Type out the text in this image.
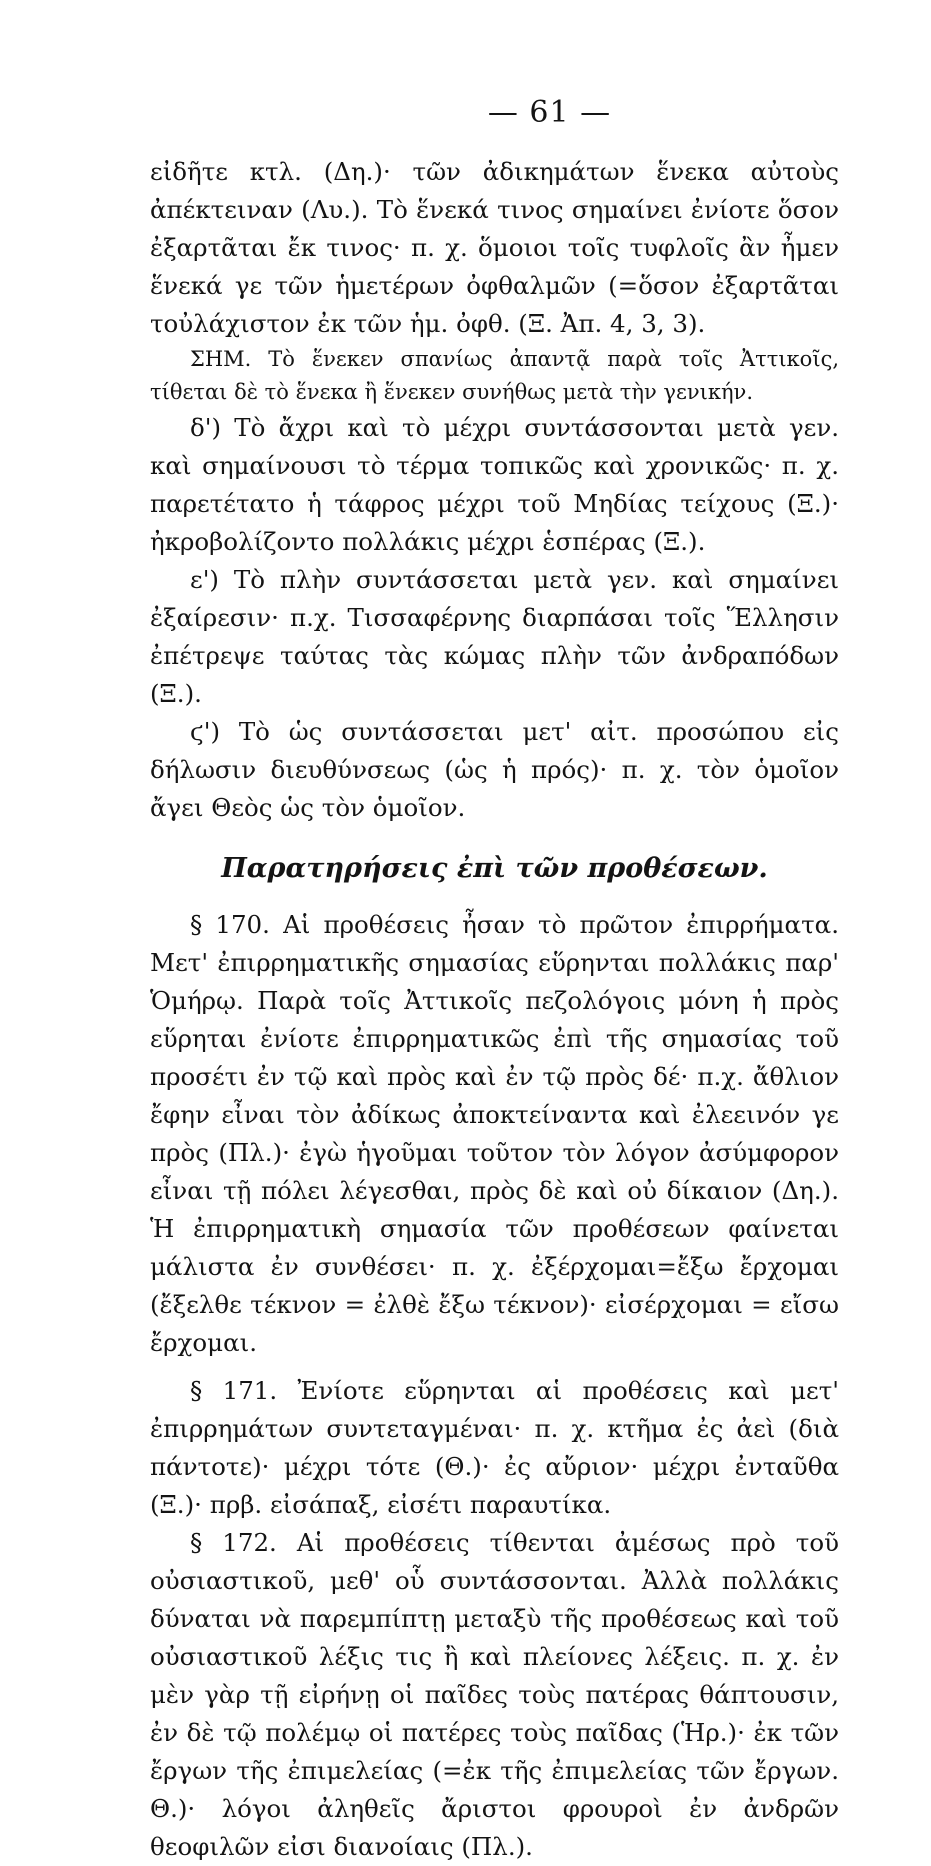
— 61 —

εἰδῆτε κτλ. (Δη.)· τῶν ἀδικημάτων ἕνεκα αὐτοὺς ἀπέκτειναν (Λυ.). Τὸ ἕνεκά τινος σημαίνει ἐνίοτε ὅσον ἐξαρτᾶται ἔκ τινος· π. χ. ὅμοιοι τοῖς τυφλοῖς ἂν ἦμεν ἕνεκά γε τῶν ἡμετέρων ὀφθαλμῶν (=ὅσον ἐξαρτᾶται τοὐλάχιστον ἐκ τῶν ἡμ. ὀφθ. (Ξ. Ἀπ. 4, 3, 3).

ΣΗΜ. Τὸ ἕνεκεν σπανίως ἀπαντᾷ παρὰ τοῖς Ἀττικοῖς, τίθεται δὲ τὸ ἕνεκα ἢ ἕνεκεν συνήθως μετὰ τὴν γενικήν.

δ') Τὸ ἄχρι καὶ τὸ μέχρι συντάσσονται μετὰ γεν. καὶ σημαίνουσι τὸ τέρμα τοπικῶς καὶ χρονικῶς· π. χ. παρετέτατο ἡ τάφρος μέχρι τοῦ Μηδίας τείχους (Ξ.)· ἠκροβολίζοντο πολλάκις μέχρι ἑσπέρας (Ξ.).

ε') Τὸ πλὴν συντάσσεται μετὰ γεν. καὶ σημαίνει ἐξαίρεσιν· π.χ. Τισσαφέρνης διαρπάσαι τοῖς Ἕλλησιν ἐπέτρεψε ταύτας τὰς κώμας πλὴν τῶν ἀνδραπόδων (Ξ.).

ϛ') Τὸ ὡς συντάσσεται μετ' αἰτ. προσώπου εἰς δήλωσιν διευθύνσεως (ὡς ἡ πρός)· π. χ. τὸν ὁμοῖον ἄγει Θεὸς ὡς τὸν ὁμοῖον.

Παρατηρήσεις ἐπὶ τῶν προθέσεων.

§ 170. Αἱ προθέσεις ἦσαν τὸ πρῶτον ἐπιρρήματα. Μετ' ἐπιρρηματικῆς σημασίας εὕρηνται πολλάκις παρ' Ὁμήρῳ. Παρὰ τοῖς Ἀττικοῖς πεζολόγοις μόνη ἡ πρὸς εὕρηται ἐνίοτε ἐπιρρηματικῶς ἐπὶ τῆς σημασίας τοῦ προσέτι ἐν τῷ καὶ πρὸς καὶ ἐν τῷ πρὸς δέ· π.χ. ἄθλιον ἔφην εἶναι τὸν ἀδίκως ἀποκτείναντα καὶ ἐλεεινόν γε πρὸς (Πλ.)· ἐγὼ ἡγοῦμαι τοῦτον τὸν λόγον ἀσύμφορον εἶναι τῇ πόλει λέγεσθαι, πρὸς δὲ καὶ οὐ δίκαιον (Δη.). Ἡ ἐπιρρηματικὴ σημασία τῶν προθέσεων φαίνεται μάλιστα ἐν συνθέσει· π. χ. ἐξέρχομαι=ἔξω ἔρχομαι (ἔξελθε τέκνον = ἐλθὲ ἔξω τέκνον)· εἰσέρχομαι = εἴσω ἔρχομαι.

§ 171. Ἐνίοτε εὕρηνται αἱ προθέσεις καὶ μετ' ἐπιρρημάτων συντεταγμέναι· π. χ. κτῆμα ἐς ἀεὶ (διὰ πάντοτε)· μέχρι τότε (Θ.)· ἐς αὔριον· μέχρι ἐνταῦθα (Ξ.)· πρβ. εἰσάπαξ, εἰσέτι παραυτίκα.

§ 172. Αἱ προθέσεις τίθενται ἀμέσως πρὸ τοῦ οὐσιαστικοῦ, μεθ' οὗ συντάσσονται. Ἀλλὰ πολλάκις δύναται νὰ παρεμπίπτῃ μεταξὺ τῆς προθέσεως καὶ τοῦ οὐσιαστικοῦ λέξις τις ἢ καὶ πλείονες λέξεις. π. χ. ἐν μὲν γὰρ τῇ εἰρήνῃ οἱ παῖδες τοὺς πατέρας θάπτουσιν, ἐν δὲ τῷ πολέμῳ οἱ πατέρες τοὺς παῖδας (Ἡρ.)· ἐκ τῶν ἔργων τῆς ἐπιμελείας (=ἐκ τῆς ἐπιμελείας τῶν ἔργων. Θ.)· λόγοι ἀληθεῖς ἄριστοι φρουροὶ ἐν ἀνδρῶν θεοφιλῶν εἰσι διανοίαις (Πλ.).
